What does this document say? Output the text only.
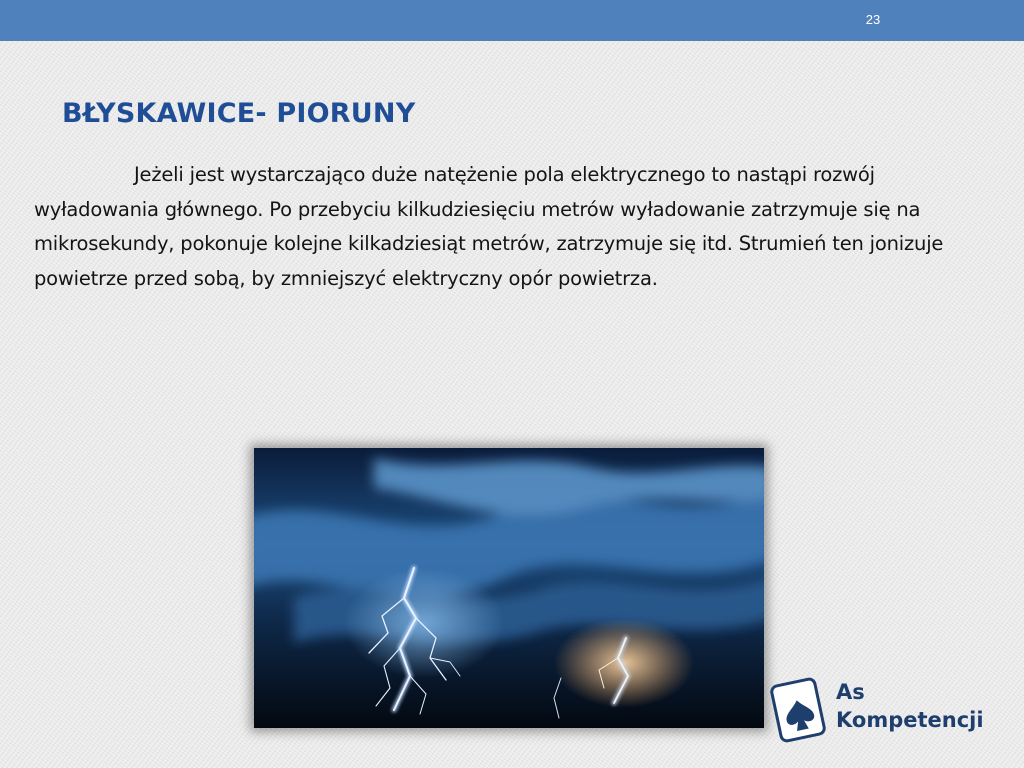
23
BŁYSKAWICE- PIORUNY

Jeżeli jest wystarczająco duże natężenie pola elektrycznego to nastąpi rozwój wyładowania głównego. Po przebyciu kilkudziesięciu metrów wyładowanie zatrzymuje się na mikrosekundy, pokonuje kolejne kilkadziesiąt metrów, zatrzymuje się itd. Strumień ten jonizuje powietrze przed sobą, by zmniejszyć elektryczny opór powietrza.

As
Kompetencji
